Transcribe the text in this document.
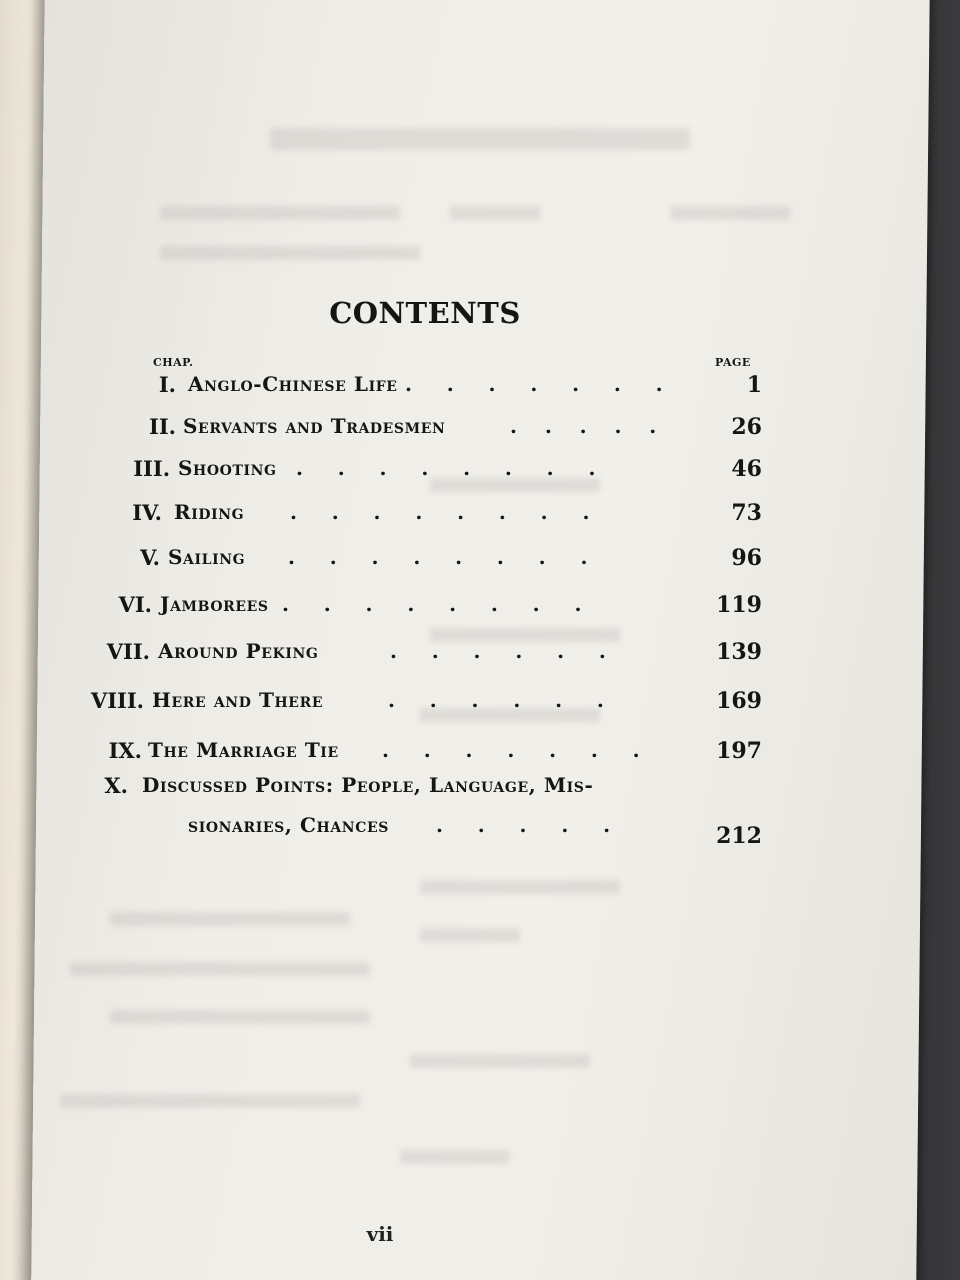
CONTENTS
CHAP.	PAGE
I. Anglo-Chinese Life .     .     .     .     .     .     .	1
II. Servants and Tradesmen	.    .    .    .    .	26
III. Shooting .     .     .     .     .     .     .     .	46
IV. Riding .     .     .     .     .     .     .     .	73
V. Sailing .     .     .     .     .     .     .     .	96
VI. Jamborees .     .     .     .     .     .     .     .	119
VII. Around Peking	.     .     .     .     .     .	139
VIII. Here and There	.     .     .     .     .     .	169
IX. The Marriage Tie .     .     .     .     .     .     .	197
X. Discussed Points: People, Language, Mis-
sionaries, Chances .     .     .     .     .	212
vii
